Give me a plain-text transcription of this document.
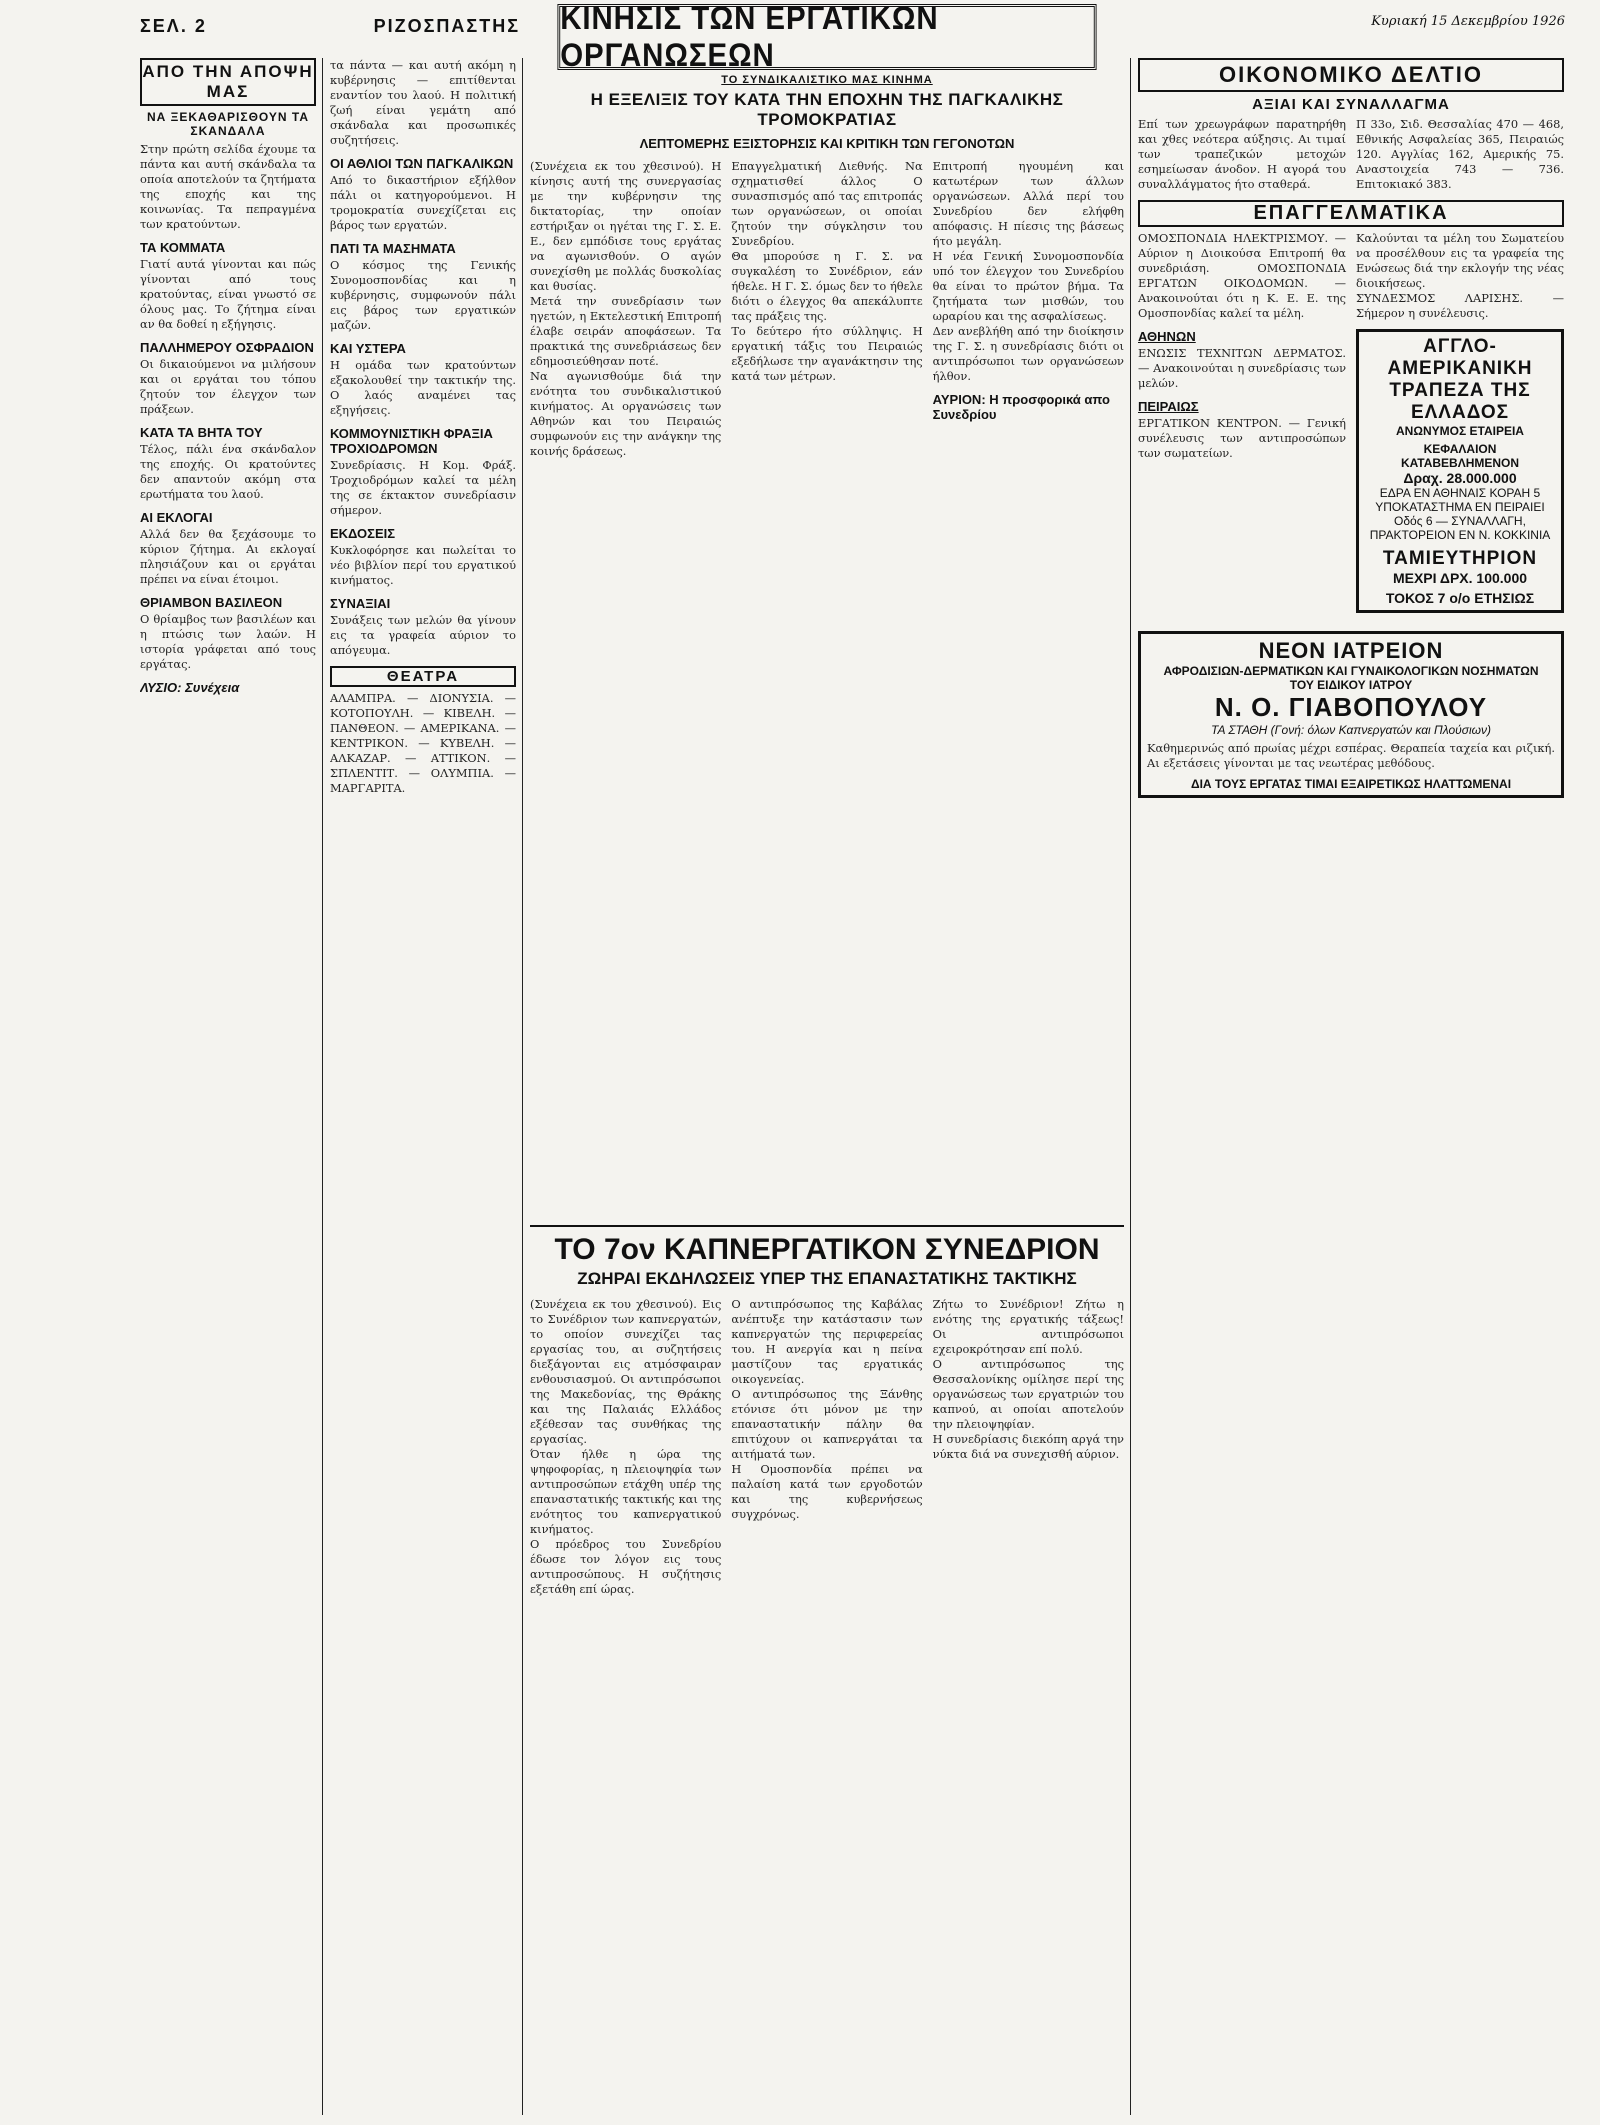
ΣΕΛ. 2	ΡΙΖΟΣΠΑΣΤΗΣ ΚΙΝΗΣΙΣ ΤΩΝ ΕΡΓΑΤΙΚΩΝ ΟΡΓΑΝΩΣΕΩΝ
Κυριακή 15 Δεκεμβρίου 1926
ΑΠΟ ΤΗΝ ΑΠΟΨΗ ΜΑΣ
ΝΑ ΞΕΚΑΘΑΡΙΣΘΟΥΝ ΤΑ ΣΚΑΝΔΑΛΑ

Στην πρώτη σελίδα έχουμε τα πάντα και αυτή σκάνδαλα τα οποία αποτελούν τα ζητήματα της εποχής και της κοινωνίας. Τα πεπραγμένα των κρατούντων.

ΤΑ ΚΟΜΜΑΤΑ

Γιατί αυτά γίνονται και πώς γίνονται από τους κρατούντας, είναι γνωστό σε όλους μας. Το ζήτημα είναι αν θα δοθεί η εξήγησις.

ΠΑΛΛΗΜΕΡΟΥ ΟΣΦΡΑΔΙΟΝ

Οι δικαιούμενοι να μιλήσουν και οι εργάται του τόπου ζητούν τον έλεγχον των πράξεων.

ΚΑΤΑ ΤΑ ΒΗΤΑ ΤΟΥ

Τέλος, πάλι ένα σκάνδαλον της εποχής. Οι κρατούντες δεν απαντούν ακόμη στα ερωτήματα του λαού.

ΑΙ ΕΚΛΟΓΑΙ

Αλλά δεν θα ξεχάσουμε το κύριον ζήτημα. Αι εκλογαί πλησιάζουν και οι εργάται πρέπει να είναι έτοιμοι.

ΘΡΙΑΜΒΟΝ ΒΑΣΙΛΕΟΝ

Ο θρίαμβος των βασιλέων και η πτώσις των λαών. Η ιστορία γράφεται από τους εργάτας.

ΛΥΣΙΟ: Συνέχεια

τα πάντα — και αυτή ακόμη η κυβέρνησις — επιτίθενται εναντίον του λαού. Η πολιτική ζωή είναι γεμάτη από σκάνδαλα και προσωπικές συζητήσεις.

ΟΙ ΑΘΛΙΟΙ ΤΩΝ ΠΑΓΚΑΛΙΚΩΝ

Από το δικαστήριον εξήλθον πάλι οι κατηγορούμενοι. Η τρομοκρατία συνεχίζεται εις βάρος των εργατών.

ΠΑΤΙ ΤΑ ΜΑΣΗΜΑΤΑ

Ο κόσμος της Γενικής Συνομοσπονδίας και η κυβέρνησις, συμφωνούν πάλι εις βάρος των εργατικών μαζών.

ΚΑΙ ΥΣΤΕΡΑ

Η ομάδα των κρατούντων εξακολουθεί την τακτικήν της. Ο λαός αναμένει τας εξηγήσεις.

ΚΟΜΜΟΥΝΙΣΤΙΚΗ ΦΡΑΞΙΑ ΤΡΟΧΙΟΔΡΟΜΩΝ

Συνεδρίασις. Η Κομ. Φράξ. Τροχιοδρόμων καλεί τα μέλη της σε έκτακτον συνεδρίασιν σήμερον.

ΕΚΔΟΣΕΙΣ

Κυκλοφόρησε και πωλείται το νέο βιβλίον περί του εργατικού κινήματος.

ΣΥΝΑΞΙΑΙ

Συνάξεις των μελών θα γίνουν εις τα γραφεία αύριον το απόγευμα.

ΘΕΑΤΡΑ

ΑΛΑΜΠΡΑ. — ΔΙΟΝΥΣΙΑ. — ΚΟΤΟΠΟΥΛΗ. — ΚΙΒΕΛΗ. — ΠΑΝΘΕΟΝ. — ΑΜΕΡΙΚΑΝΑ. — ΚΕΝΤΡΙΚΟΝ. — ΚΥΒΕΛΗ. — ΑΛΚΑΖΑΡ. — ΑΤΤΙΚΟΝ. — ΣΠΛΕΝΤΙΤ. — ΟΛΥΜΠΙΑ. — ΜΑΡΓΑΡΙΤΑ.

ΤΟ ΣΥΝΔΙΚΑΛΙΣΤΙΚΟ ΜΑΣ ΚΙΝΗΜΑ
Η ΕΞΕΛΙΞΙΣ ΤΟΥ ΚΑΤΑ ΤΗΝ ΕΠΟΧΗΝ ΤΗΣ ΠΑΓΚΑΛΙΚΗΣ ΤΡΟΜΟΚΡΑΤΙΑΣ
ΛΕΠΤΟΜΕΡΗΣ ΕΞΙΣΤΟΡΗΣΙΣ ΚΑΙ ΚΡΙΤΙΚΗ ΤΩΝ ΓΕΓΟΝΟΤΩΝ

(Συνέχεια εκ του χθεσινού). Η κίνησις αυτή της συνεργασίας με την κυβέρνησιν της δικτατορίας, την οποίαν εστήριξαν οι ηγέται της Γ. Σ. Ε. Ε., δεν εμπόδισε τους εργάτας να αγωνισθούν. Ο αγών συνεχίσθη με πολλάς δυσκολίας και θυσίας.

Μετά την συνεδρίασιν των ηγετών, η Εκτελεστική Επιτροπή έλαβε σειράν αποφάσεων. Τα πρακτικά της συνεδριάσεως δεν εδημοσιεύθησαν ποτέ.

Να αγωνισθούμε διά την ενότητα του συνδικαλιστικού κινήματος. Αι οργανώσεις των Αθηνών και του Πειραιώς συμφωνούν εις την ανάγκην της κοινής δράσεως.

Επαγγελματική Διεθνής. Να σχηματισθεί άλλος Ο συνασπισμός από τας επιτροπάς των οργανώσεων, οι οποίαι ζητούν την σύγκλησιν του Συνεδρίου.

Θα μπορούσε η Γ. Σ. να συγκαλέση το Συνέδριον, εάν ήθελε. Η Γ. Σ. όμως δεν το ήθελε διότι ο έλεγχος θα απεκάλυπτε τας πράξεις της.

Το δεύτερο ήτο σύλληψις. Η εργατική τάξις του Πειραιώς εξεδήλωσε την αγανάκτησιν της κατά των μέτρων.

Επιτροπή ηγουμένη και κατωτέρων των άλλων οργανώσεων. Αλλά περί του Συνεδρίου δεν ελήφθη απόφασις. Η πίεσις της βάσεως ήτο μεγάλη.

Η νέα Γενική Συνομοσπονδία υπό τον έλεγχον του Συνεδρίου θα είναι το πρώτον βήμα. Τα ζητήματα των μισθών, του ωραρίου και της ασφαλίσεως.

Δεν ανεβλήθη από την διοίκησιν της Γ. Σ. η συνεδρίασις διότι οι αντιπρόσωποι των οργανώσεων ήλθον.

ΑΥΡΙΟΝ: Η προσφορικά απο Συνεδρίου
ΤΟ 7ον ΚΑΠΝΕΡΓΑΤΙΚΟΝ ΣΥΝΕΔΡΙΟΝ
ΖΩΗΡΑΙ ΕΚΔΗΛΩΣΕΙΣ ΥΠΕΡ ΤΗΣ ΕΠΑΝΑΣΤΑΤΙΚΗΣ ΤΑΚΤΙΚΗΣ

(Συνέχεια εκ του χθεσινού). Εις το Συνέδριον των καπνεργατών, το οποίον συνεχίζει τας εργασίας του, αι συζητήσεις διεξάγονται εις ατμόσφαιραν ενθουσιασμού. Οι αντιπρόσωποι της Μακεδονίας, της Θράκης και της Παλαιάς Ελλάδος εξέθεσαν τας συνθήκας της εργασίας.

Όταν ήλθε η ώρα της ψηφοφορίας, η πλειοψηφία των αντιπροσώπων ετάχθη υπέρ της επαναστατικής τακτικής και της ενότητος του καπνεργατικού κινήματος.

Ο πρόεδρος του Συνεδρίου έδωσε τον λόγον εις τους αντιπροσώπους. Η συζήτησις εξετάθη επί ώρας.

Ο αντιπρόσωπος της Καβάλας ανέπτυξε την κατάστασιν των καπνεργατών της περιφερείας του. Η ανεργία και η πείνα μαστίζουν τας εργατικάς οικογενείας.

Ο αντιπρόσωπος της Ξάνθης ετόνισε ότι μόνον με την επαναστατικήν πάλην θα επιτύχουν οι καπνεργάται τα αιτήματά των.

Η Ομοσπονδία πρέπει να παλαίση κατά των εργοδοτών και της κυβερνήσεως συγχρόνως.

Ζήτω το Συνέδριον! Ζήτω η ενότης της εργατικής τάξεως! Οι αντιπρόσωποι εχειροκρότησαν επί πολύ.

Ο αντιπρόσωπος της Θεσσαλονίκης ομίλησε περί της οργανώσεως των εργατριών του καπνού, αι οποίαι αποτελούν την πλειοψηφίαν.

Η συνεδρίασις διεκόπη αργά την νύκτα διά να συνεχισθή αύριον.

ΟΙΚΟΝΟΜΙΚΟ ΔΕΛΤΙΟ
ΑΞΙΑΙ ΚΑΙ ΣΥΝΑΛΛΑΓΜΑ

Επί των χρεωγράφων παρατηρήθη και χθες νεότερα αύξησις. Αι τιμαί των τραπεζικών μετοχών εσημείωσαν άνοδον. Η αγορά του συναλλάγματος ήτο σταθερά.

Π 33ο, Σιδ. Θεσσαλίας 470 — 468, Εθνικής Ασφαλείας 365, Πειραιώς 120. Αγγλίας 162, Αμερικής 75. Αναστοιχεία 743 — 736. Επιτοκιακό 383.

ΕΠΑΓΓΕΛΜΑΤΙΚΑ

ΟΜΟΣΠΟΝΔΙΑ ΗΛΕΚΤΡΙΣΜΟΥ. — Αύριον η Διοικούσα Επιτροπή θα συνεδριάση. ΟΜΟΣΠΟΝΔΙΑ ΕΡΓΑΤΩΝ ΟΙΚΟΔΟΜΩΝ. — Ανακοινούται ότι η Κ. Ε. Ε. της Ομοσπονδίας καλεί τα μέλη.

ΑΘΗΝΩΝ

ΕΝΩΣΙΣ ΤΕΧΝΙΤΩΝ ΔΕΡΜΑΤΟΣ. — Ανακοινούται η συνεδρίασις των μελών.

ΠΕΙΡΑΙΩΣ

ΕΡΓΑΤΙΚΟΝ ΚΕΝΤΡΟΝ. — Γενική συνέλευσις των αντιπροσώπων των σωματείων.

Καλούνται τα μέλη του Σωματείου να προσέλθουν εις τα γραφεία της Ενώσεως διά την εκλογήν της νέας διοικήσεως.

ΣΥΝΔΕΣΜΟΣ ΛΑΡΙΣΗΣ. — Σήμερον η συνέλευσις.

ΑΓΓΛΟ-ΑΜΕΡΙΚΑΝΙΚΗ ΤΡΑΠΕΖΑ ΤΗΣ ΕΛΛΑΔΟΣ
ΑΝΩΝΥΜΟΣ ΕΤΑΙΡΕΙΑ
ΚΕΦΑΛΑΙΟΝ ΚΑΤΑΒΕΒΛΗΜΕΝΟΝ
Δραχ. 28.000.000
ΕΔΡΑ ΕΝ ΑΘΗΝΑΙΣ ΚΟΡΑΗ 5
ΥΠΟΚΑΤΑΣΤΗΜΑ ΕΝ ΠΕΙΡΑΙΕΙ Οδός 6 — ΣΥΝΑΛΛΑΓΗ, ΠΡΑΚΤΟΡΕΙΟΝ ΕΝ Ν. ΚΟΚΚΙΝΙΑ
ΤΑΜΙΕΥΤΗΡΙΟΝ
ΜΕΧΡΙ ΔΡΧ. 100.000
ΤΟΚΟΣ 7 ο/ο ΕΤΗΣΙΩΣ
ΝΕΟΝ ΙΑΤΡΕΙΟΝ
ΑΦΡΟΔΙΣΙΩΝ-ΔΕΡΜΑΤΙΚΩΝ ΚΑΙ ΓΥΝΑΙΚΟΛΟΓΙΚΩΝ ΝΟΣΗΜΑΤΩΝ
ΤΟΥ ΕΙΔΙΚΟΥ ΙΑΤΡΟΥ
Ν. Ο. ΓΙΑΒΟΠΟΥΛΟΥ
ΤΑ ΣΤΑΘΗ (Γονή: όλων Καπνεργατών και Πλούσιων)

Καθημερινώς από πρωίας μέχρι εσπέρας. Θεραπεία ταχεία και ριζική. Αι εξετάσεις γίνονται με τας νεωτέρας μεθόδους.

ΔΙΑ ΤΟΥΣ ΕΡΓΑΤΑΣ ΤΙΜΑΙ ΕΞΑΙΡΕΤΙΚΩΣ ΗΛΑΤΤΩΜΕΝΑΙ
